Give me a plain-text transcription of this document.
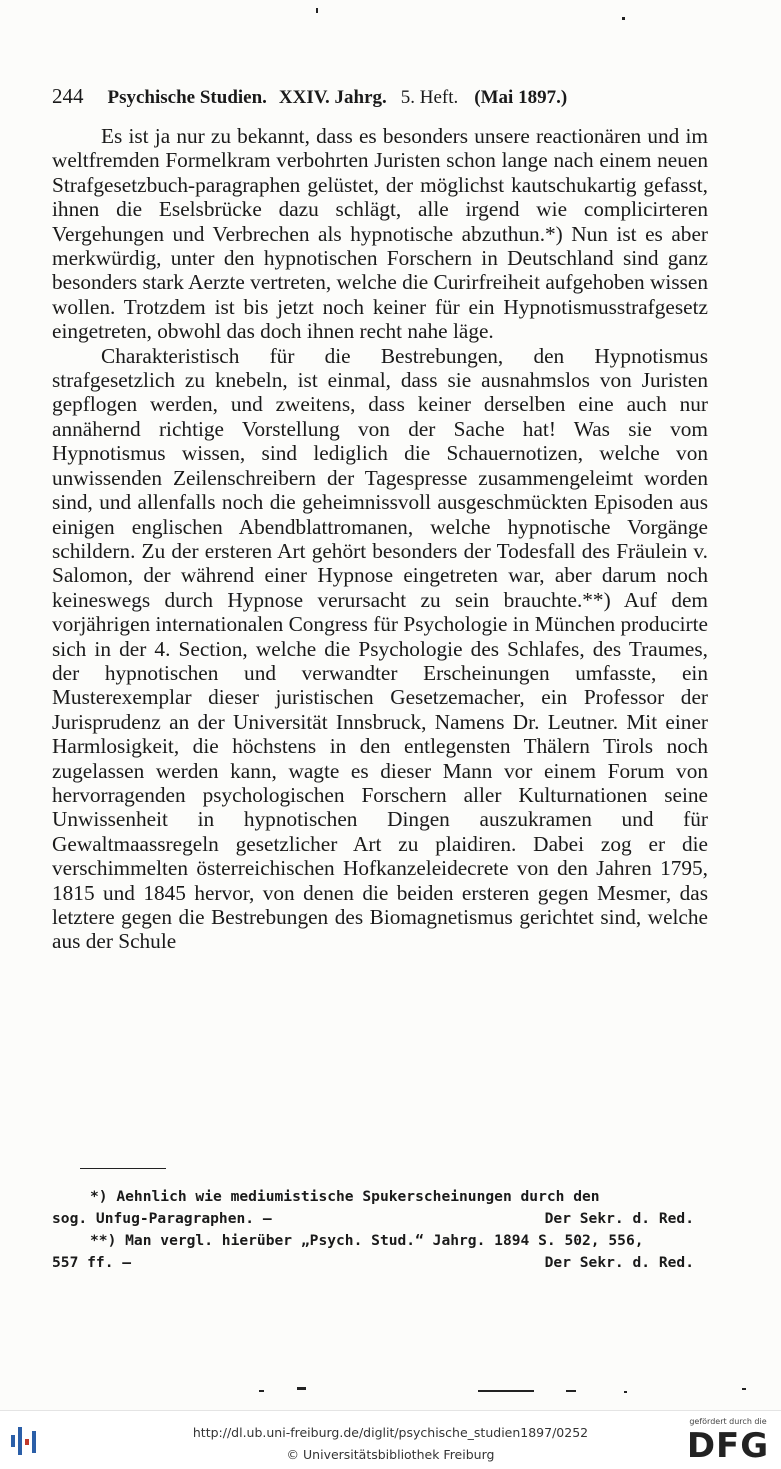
244 Psychische Studien. XXIV. Jahrg. 5. Heft. (Mai 1897.)

Es ist ja nur zu bekannt, dass es besonders unsere reactionären und im weltfremden Formelkram verbohrten Juristen schon lange nach einem neuen Strafgesetzbuch-paragraphen gelüstet, der möglichst kautschukartig gefasst, ihnen die Eselsbrücke dazu schlägt, alle irgend wie complicirteren Vergehungen und Verbrechen als hypnotische abzuthun.*) Nun ist es aber merkwürdig, unter den hypnotischen Forschern in Deutschland sind ganz besonders stark Aerzte vertreten, welche die Curirfreiheit aufgehoben wissen wollen. Trotzdem ist bis jetzt noch keiner für ein Hypnotismusstrafgesetz eingetreten, obwohl das doch ihnen recht nahe läge.

Charakteristisch für die Bestrebungen, den Hypnotismus strafgesetzlich zu knebeln, ist einmal, dass sie ausnahmslos von Juristen gepflogen werden, und zweitens, dass keiner derselben eine auch nur annähernd richtige Vorstellung von der Sache hat! Was sie vom Hypnotismus wissen, sind lediglich die Schauernotizen, welche von unwissenden Zeilenschreibern der Tagespresse zusammengeleimt worden sind, und allenfalls noch die geheimnissvoll ausgeschmückten Episoden aus einigen englischen Abendblattromanen, welche hypnotische Vorgänge schildern. Zu der ersteren Art gehört besonders der Todesfall des Fräulein v. Salomon, der während einer Hypnose eingetreten war, aber darum noch keineswegs durch Hypnose verursacht zu sein brauchte.**) Auf dem vorjährigen internationalen Congress für Psychologie in München producirte sich in der 4. Section, welche die Psychologie des Schlafes, des Traumes, der hypnotischen und verwandter Erscheinungen umfasste, ein Musterexemplar dieser juristischen Gesetzemacher, ein Professor der Jurisprudenz an der Universität Innsbruck, Namens Dr. Leutner. Mit einer Harmlosigkeit, die höchstens in den entlegensten Thälern Tirols noch zugelassen werden kann, wagte es dieser Mann vor einem Forum von hervorragenden psychologischen Forschern aller Kulturnationen seine Unwissenheit in hypnotischen Dingen auszukramen und für Gewaltmaassregeln gesetzlicher Art zu plaidiren. Dabei zog er die verschimmelten österreichischen Hofkanzeleidecrete von den Jahren 1795, 1815 und 1845 hervor, von denen die beiden ersteren gegen Mesmer, das letztere gegen die Bestrebungen des Biomagnetismus gerichtet sind, welche aus der Schule

*) Aehnlich wie mediumistische Spukerscheinungen durch den
sog. Unfug-Paragraphen. —	Der Sekr. d. Red.
**) Man vergl. hierüber „Psych. Stud.“ Jahrg. 1894 S. 502, 556,
557 ff. —	Der Sekr. d. Red.
http://dl.ub.uni-freiburg.de/diglit/psychische_studien1897/0252
© Universitätsbibliothek Freiburg
gefördert durch die
DFG
